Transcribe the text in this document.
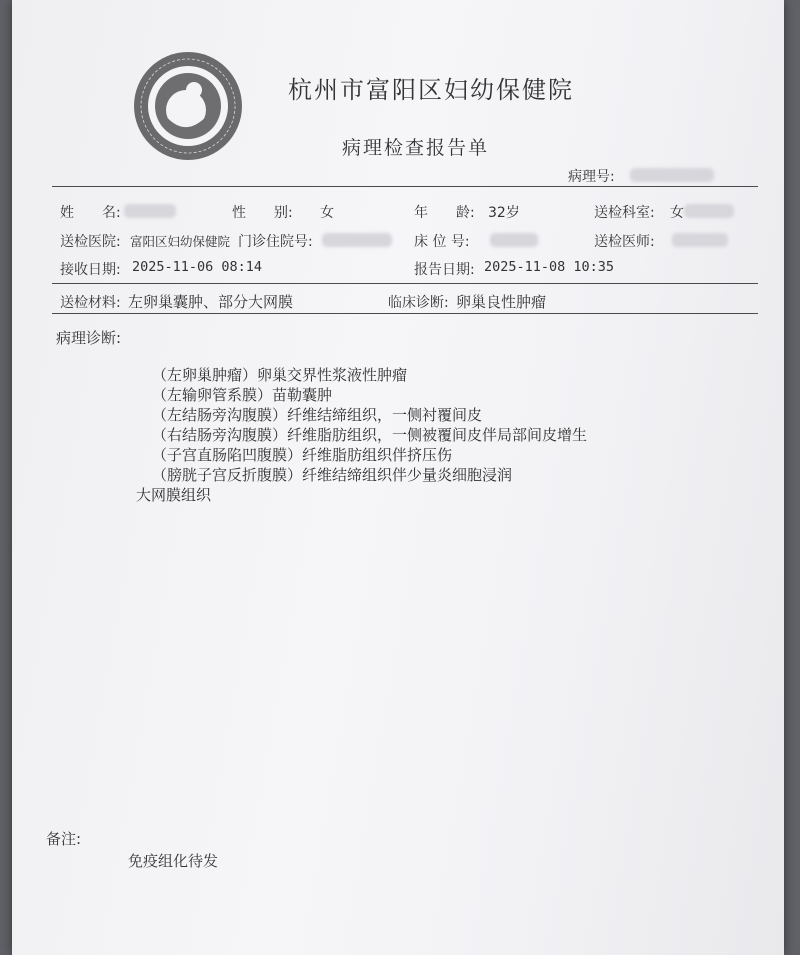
杭州市富阳区妇幼保健院
病理检查报告单
病理号:
姓　　名:	性　　别: 女	年　　龄: 32岁	送检科室: 女
送检医院: 富阳区妇幼保健院 门诊住院号:	床 位 号:	送检医师:
接收日期: 2025-11-06 08:14	报告日期: 2025-11-08 10:35
送检材料: 左卵巢囊肿、部分大网膜	临床诊断: 卵巢良性肿瘤
病理诊断:
（左卵巢肿瘤）卵巢交界性浆液性肿瘤
（左输卵管系膜）苗勒囊肿
（左结肠旁沟腹膜）纤维结缔组织，一侧衬覆间皮
（右结肠旁沟腹膜）纤维脂肪组织，一侧被覆间皮伴局部间皮增生
（子宫直肠陷凹腹膜）纤维脂肪组织伴挤压伤
（膀胱子宫反折腹膜）纤维结缔组织伴少量炎细胞浸润
大网膜组织
备注:
免疫组化待发
